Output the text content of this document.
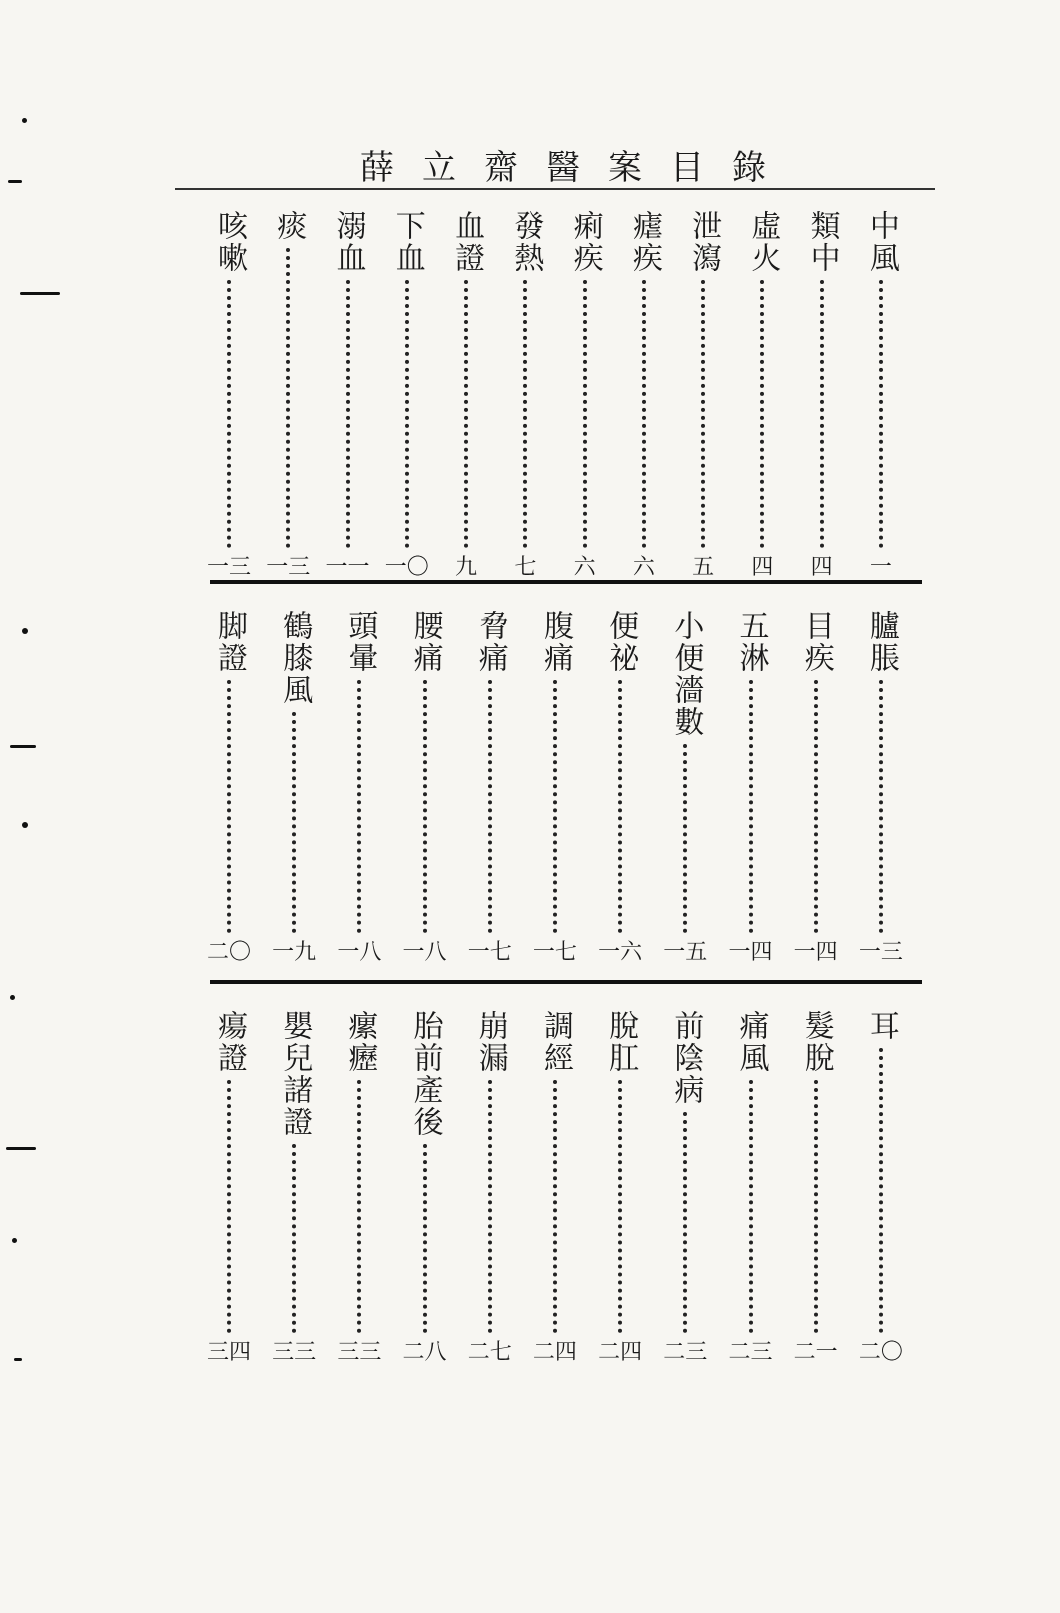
薛立齋醫案目錄
中風
一
類中
四
虛火
四
泄瀉
五
瘧疾
六
痢疾
六
發熱
七
血證
九
下血
一〇
溺血
一一
痰
一三
咳嗽
一三
臚脹
一三
目疾
一四
五淋
一四
小便濇數
一五
便祕
一六
腹痛
一七
脅痛
一七
腰痛
一八
頭暈
一八
鶴膝風
一九
脚證
二〇
耳
二〇
髮脫
二一
痛風
二三
前陰病
二三
脫肛
二四
調經
二四
崩漏
二七
胎前產後
二八
瘰癧
三三
嬰兒諸證
三三
瘍證
三四
